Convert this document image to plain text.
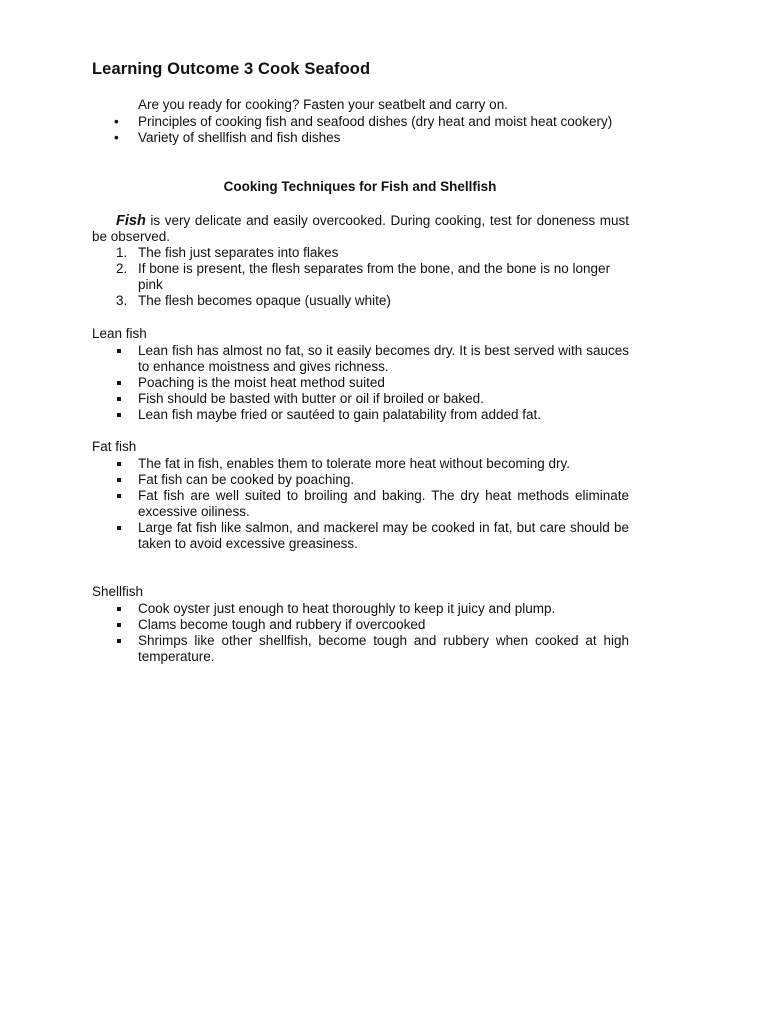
Learning Outcome 3 Cook Seafood
Are you ready for cooking? Fasten your seatbelt and carry on.
• Principles of cooking fish and seafood dishes (dry heat and moist heat cookery)
• Variety of shellfish and fish dishes
Cooking Techniques for Fish and Shellfish
Fish is very delicate and easily overcooked. During cooking, test for doneness must be observed.
1. The fish just separates into flakes
2. If bone is present, the flesh separates from the bone, and the bone is no longer pink
3. The flesh becomes opaque (usually white)
Lean fish
Lean fish has almost no fat, so it easily becomes dry. It is best served with sauces to enhance moistness and gives richness.
Poaching is the moist heat method suited
Fish should be basted with butter or oil if broiled or baked.
Lean fish maybe fried or sautéed to gain palatability from added fat.
Fat fish
The fat in fish, enables them to tolerate more heat without becoming dry.
Fat fish can be cooked by poaching.
Fat fish are well suited to broiling and baking. The dry heat methods eliminate excessive oiliness.
Large fat fish like salmon, and mackerel may be cooked in fat, but care should be taken to avoid excessive greasiness.
Shellfish
Cook oyster just enough to heat thoroughly to keep it juicy and plump.
Clams become tough and rubbery if overcooked
Shrimps like other shellfish, become tough and rubbery when cooked at high temperature.
